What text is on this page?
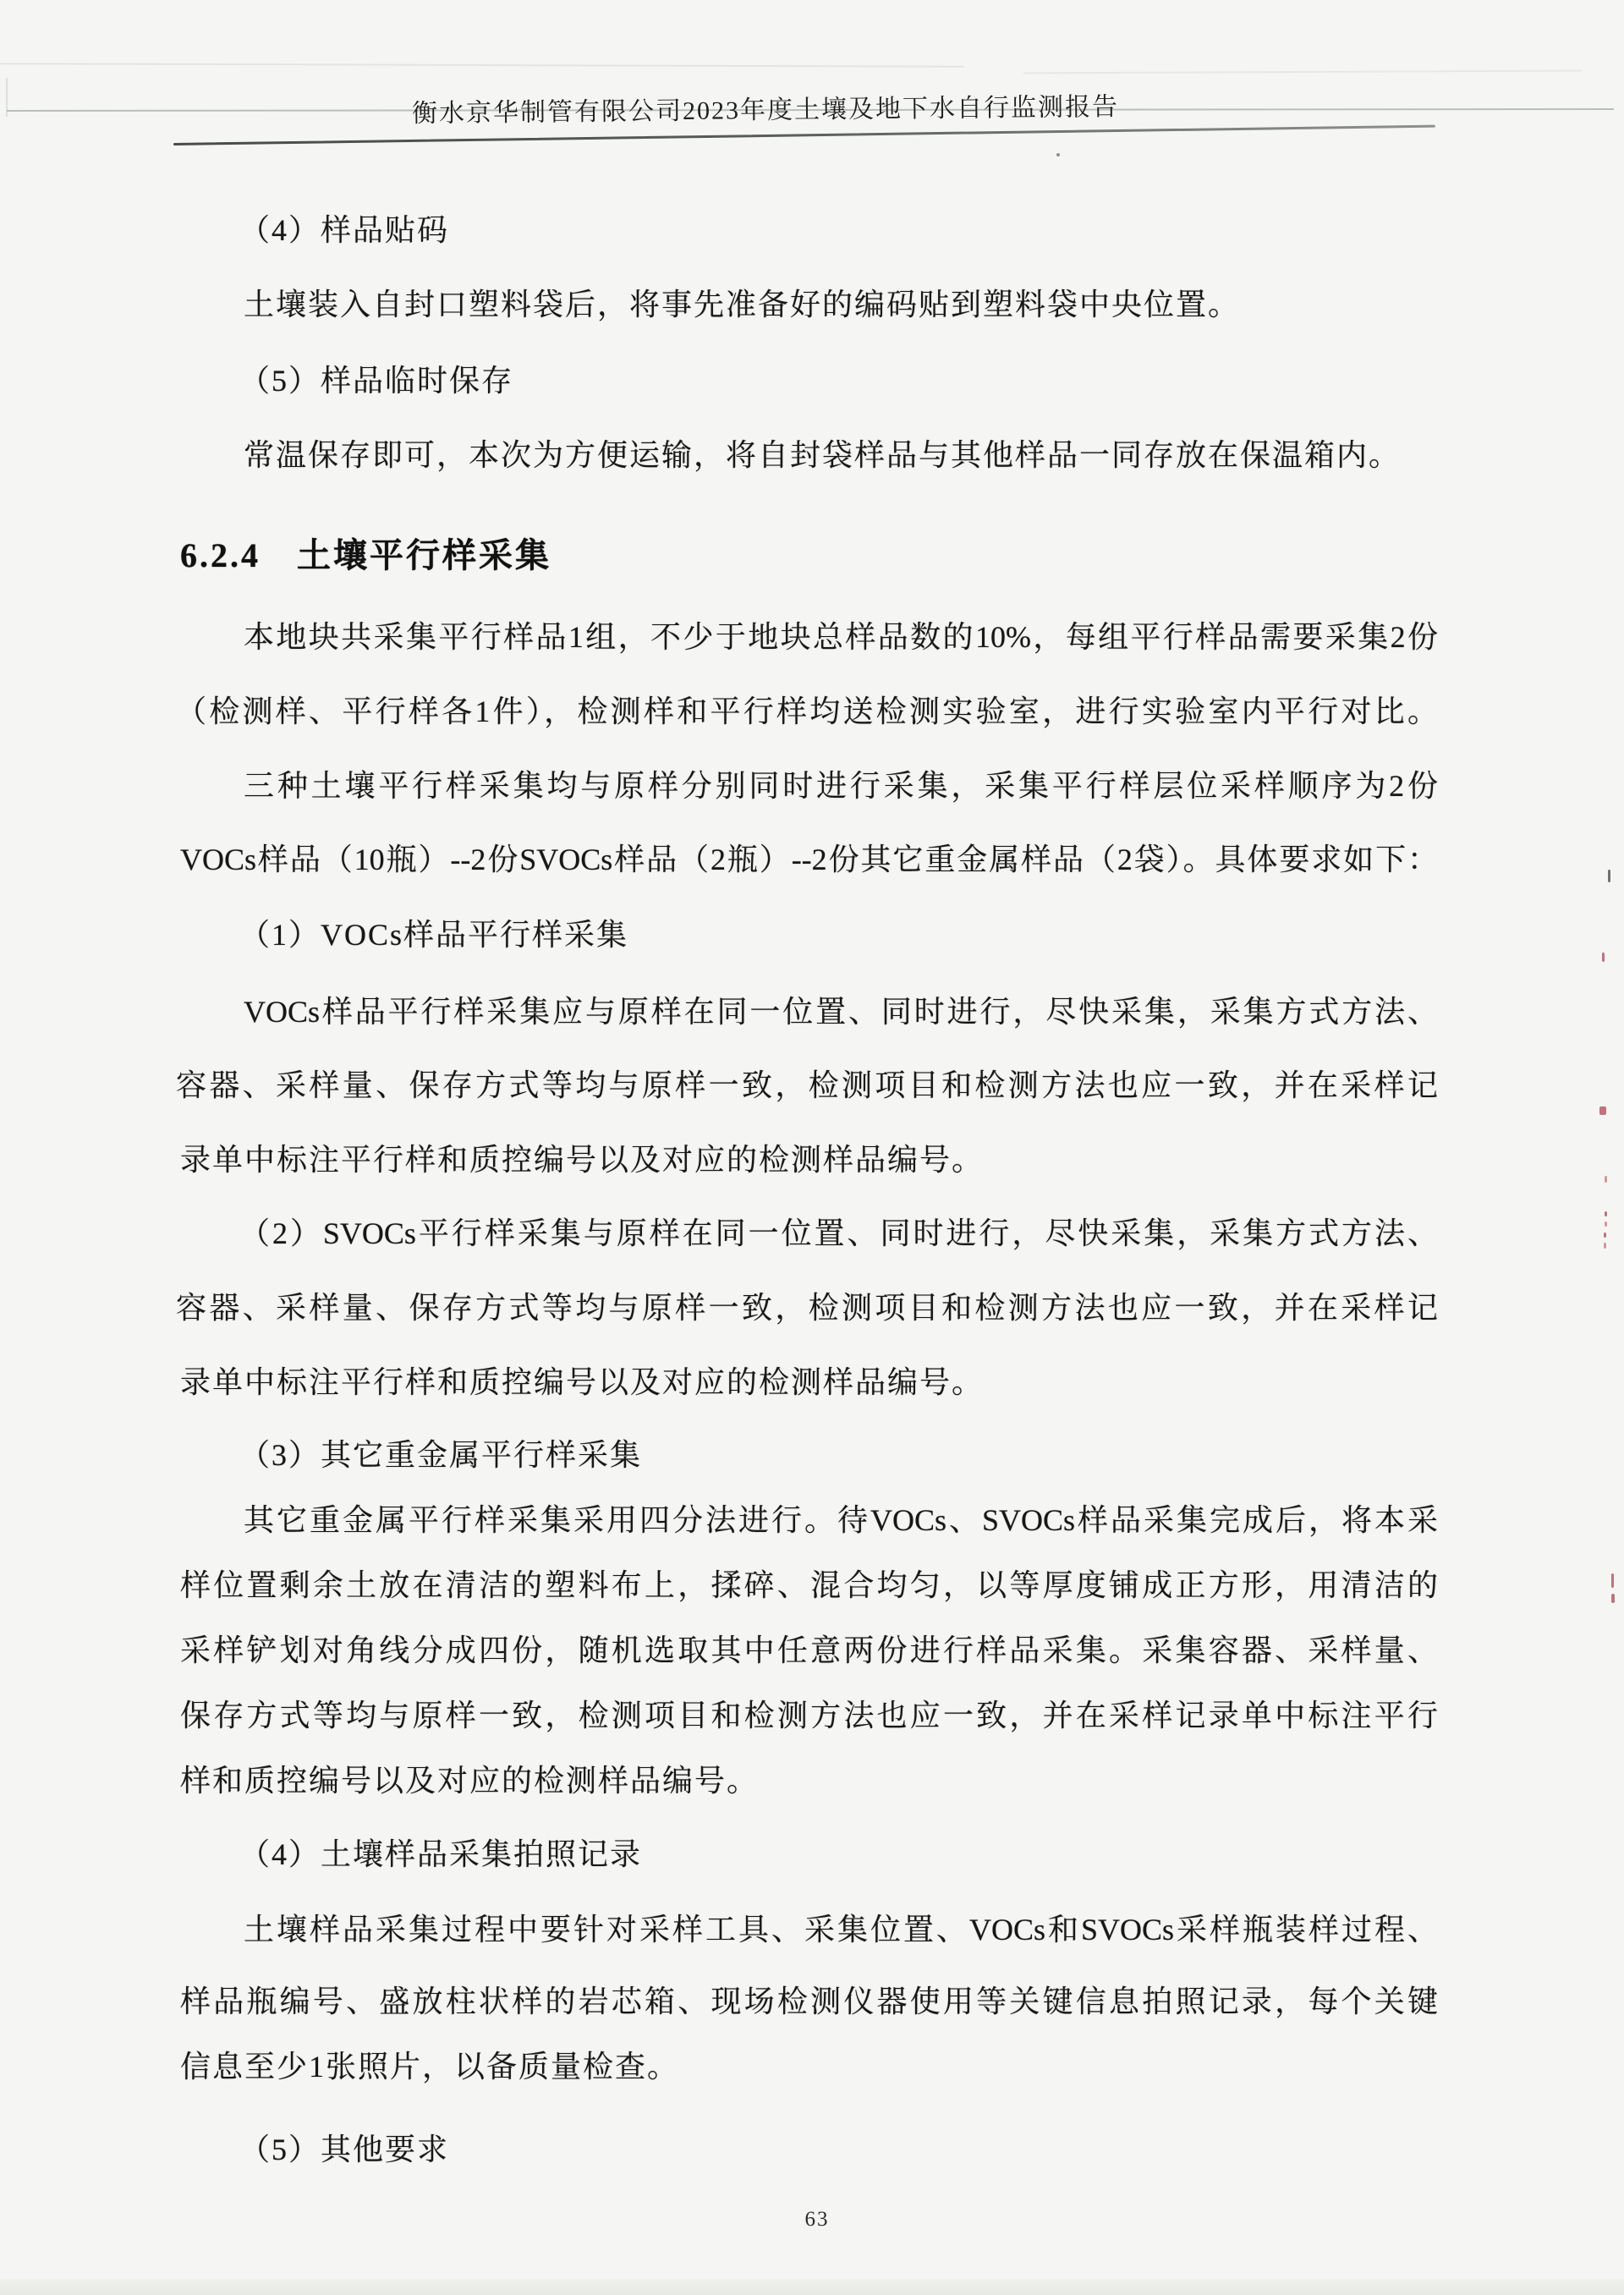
衡水京华制管有限公司2023年度土壤及地下水自行监测报告
（4）样品贴码
土壤装入自封口塑料袋后，将事先准备好的编码贴到塑料袋中央位置。
（5）样品临时保存
常温保存即可，本次为方便运输，将自封袋样品与其他样品一同存放在保温箱内。
6.2.4　土壤平行样采集
本地块共采集平行样品1组，不少于地块总样品数的10%，每组平行样品需要采集2份
（检测样、平行样各1件），检测样和平行样均送检测实验室，进行实验室内平行对比。
三种土壤平行样采集均与原样分别同时进行采集，采集平行样层位采样顺序为2份
VOCs样品（10瓶）--2份SVOCs样品（2瓶）--2份其它重金属样品（2袋）。具体要求如下：
（1）VOCs样品平行样采集
VOCs样品平行样采集应与原样在同一位置、同时进行，尽快采集，采集方式方法、
容器、采样量、保存方式等均与原样一致，检测项目和检测方法也应一致，并在采样记
录单中标注平行样和质控编号以及对应的检测样品编号。
（2）SVOCs平行样采集与原样在同一位置、同时进行，尽快采集，采集方式方法、
容器、采样量、保存方式等均与原样一致，检测项目和检测方法也应一致，并在采样记
录单中标注平行样和质控编号以及对应的检测样品编号。
（3）其它重金属平行样采集
其它重金属平行样采集采用四分法进行。待VOCs、SVOCs样品采集完成后，将本采
样位置剩余土放在清洁的塑料布上，揉碎、混合均匀，以等厚度铺成正方形，用清洁的
采样铲划对角线分成四份，随机选取其中任意两份进行样品采集。采集容器、采样量、
保存方式等均与原样一致，检测项目和检测方法也应一致，并在采样记录单中标注平行
样和质控编号以及对应的检测样品编号。
（4）土壤样品采集拍照记录
土壤样品采集过程中要针对采样工具、采集位置、VOCs和SVOCs采样瓶装样过程、
样品瓶编号、盛放柱状样的岩芯箱、现场检测仪器使用等关键信息拍照记录，每个关键
信息至少1张照片，以备质量检查。
（5）其他要求
63
